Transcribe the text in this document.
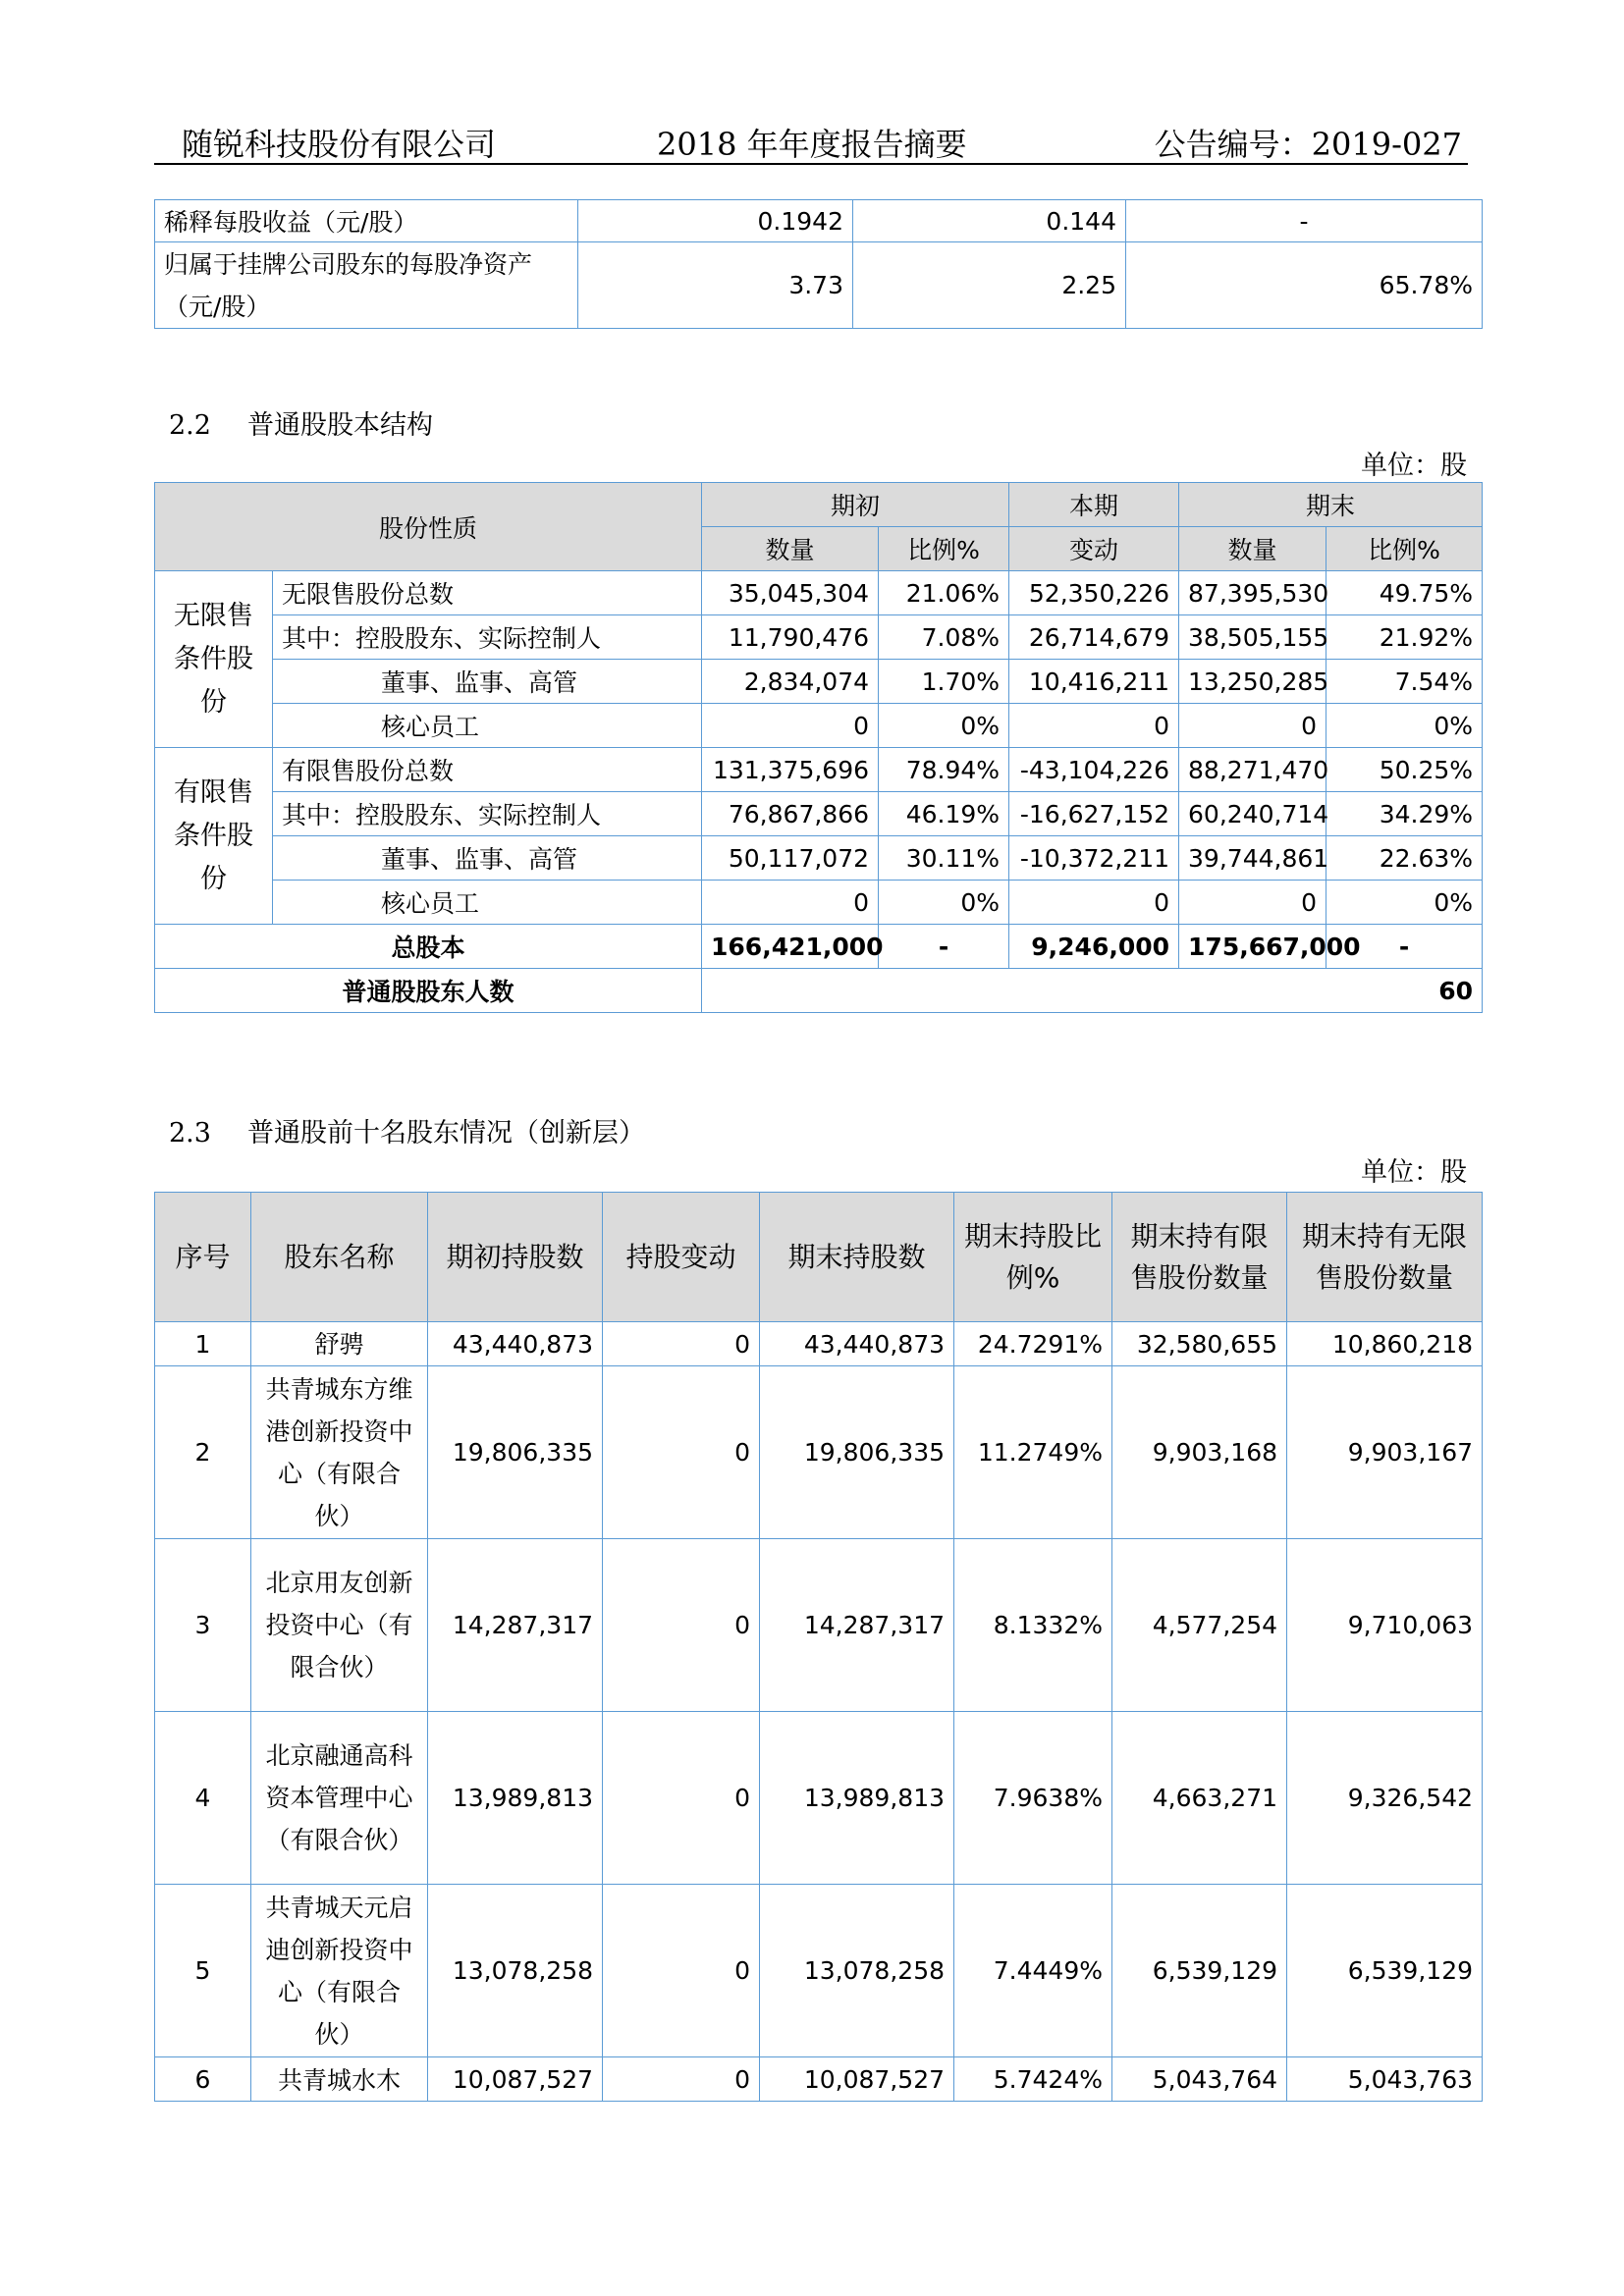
随锐科技股份有限公司	2018 年年度报告摘要	公告编号：2019-027
稀释每股收益（元/股）	0.1942	0.144	-
归属于挂牌公司股东的每股净资产（元/股）	3.73	2.25	65.78%
2.2 普通股股本结构
单位：股
股份性质		期初		本期	期末	
		数量	比例%	变动	数量	比例%
无限售条件股份	无限售股份总数	35,045,304	21.06%	52,350,226	87,395,530	49.75%
	其中：控股股东、实际控制人	11,790,476	7.08%	26,714,679	38,505,155	21.92%
	董事、监事、高管	2,834,074	1.70%	10,416,211	13,250,285	7.54%
	核心员工	0	0%	0	0	0%
有限售条件股份	有限售股份总数	131,375,696	78.94%	-43,104,226	88,271,470	50.25%
	其中：控股股东、实际控制人	76,867,866	46.19%	-16,627,152	60,240,714	34.29%
	董事、监事、高管	50,117,072	30.11%	-10,372,211	39,744,861	22.63%
	核心员工	0	0%	0	0	0%
总股本		166,421,000	-	9,246,000	175,667,000	-
普通股股东人数		60				
2.3 普通股前十名股东情况（创新层）
单位：股
序号	股东名称	期初持股数	持股变动	期末持股数	期末持股比例%	期末持有限售股份数量	期末持有无限售股份数量
1	舒骋	43,440,873	0	43,440,873	24.7291%	32,580,655	10,860,218
2	共青城东方维港创新投资中心（有限合伙）	19,806,335	0	19,806,335	11.2749%	9,903,168	9,903,167
3	北京用友创新投资中心（有限合伙）	14,287,317	0	14,287,317	8.1332%	4,577,254	9,710,063
4	北京融通高科资本管理中心（有限合伙）	13,989,813	0	13,989,813	7.9638%	4,663,271	9,326,542
5	共青城天元启迪创新投资中心（有限合伙）	13,078,258	0	13,078,258	7.4449%	6,539,129	6,539,129
6	共青城水木	10,087,527	0	10,087,527	5.7424%	5,043,764	5,043,763
